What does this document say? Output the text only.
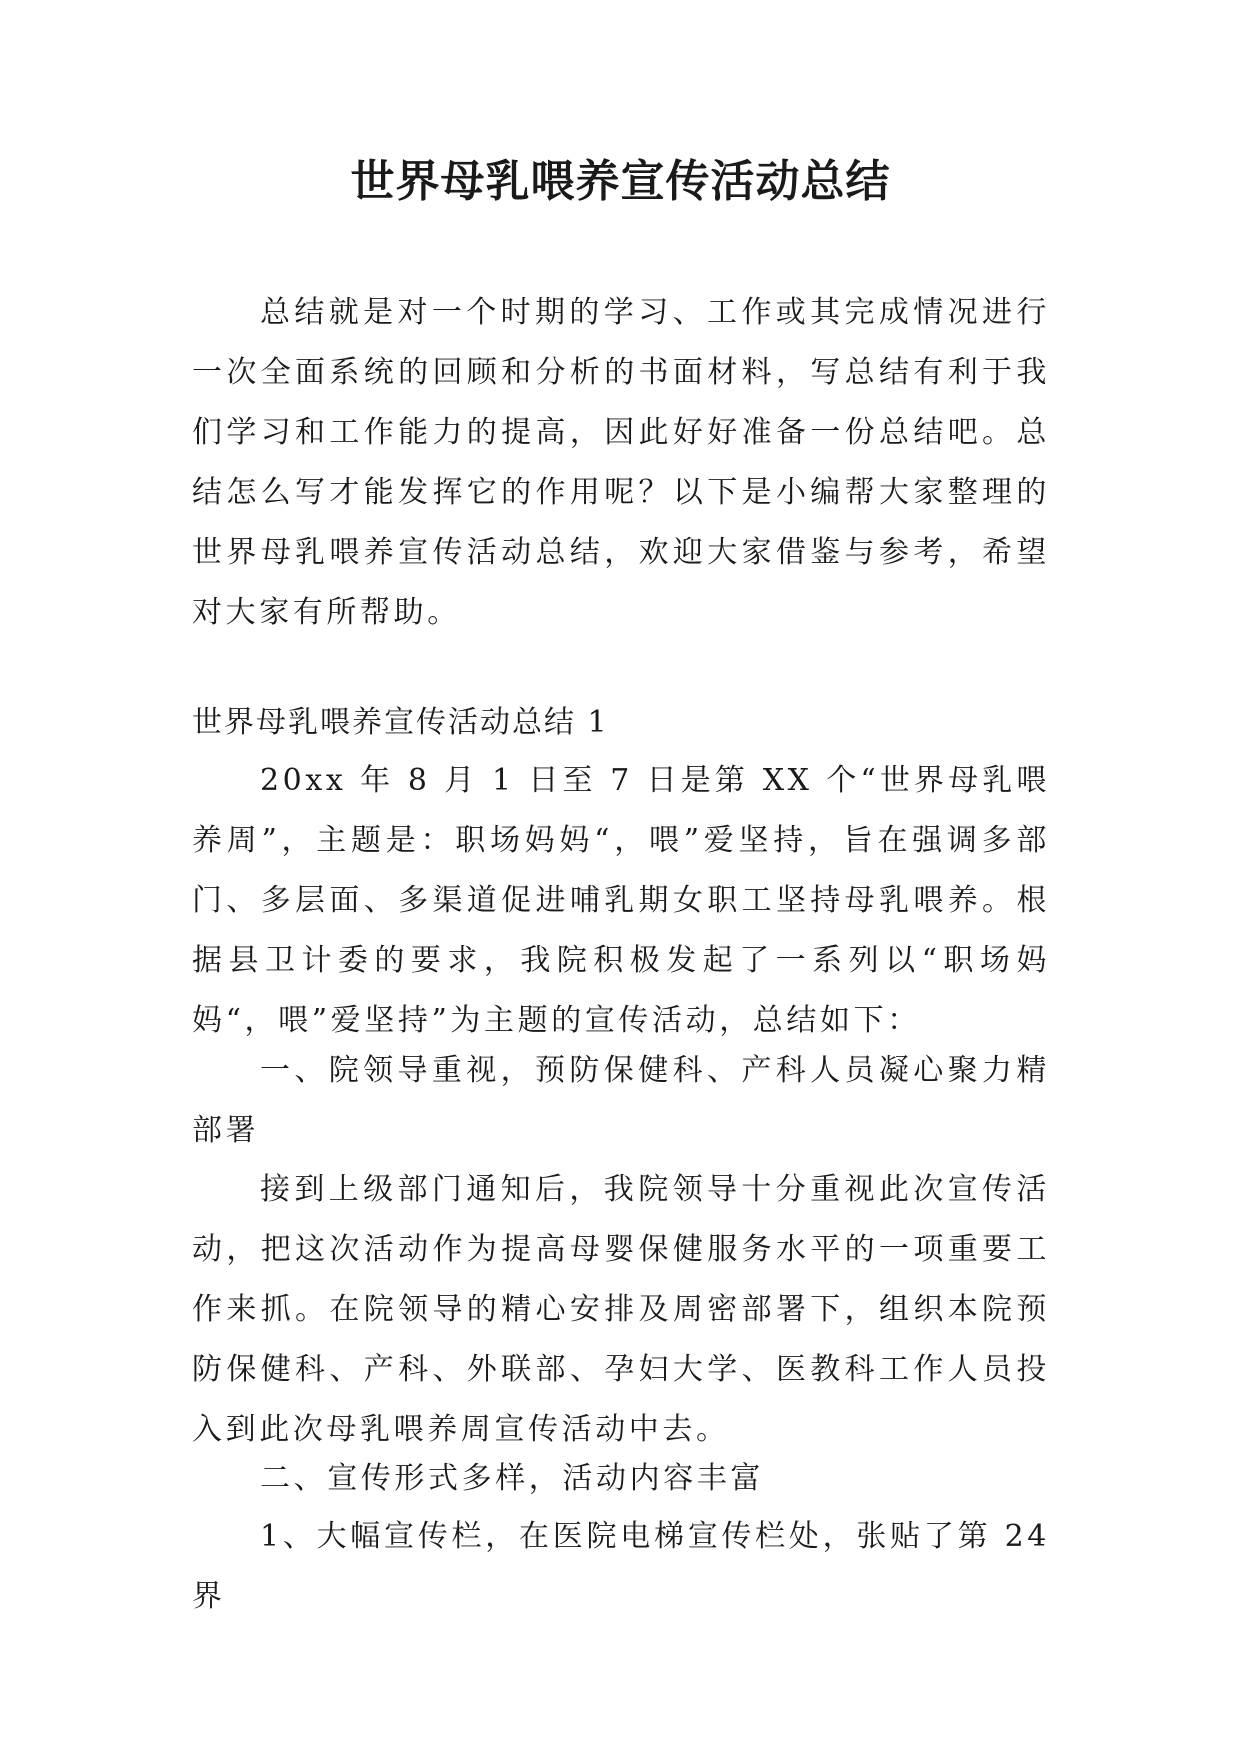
世界母乳喂养宣传活动总结

总结就是对一个时期的学习、工作或其完成情况进行一次全面系统的回顾和分析的书面材料，写总结有利于我们学习和工作能力的提高，因此好好准备一份总结吧。总结怎么写才能发挥它的作用呢？以下是小编帮大家整理的世界母乳喂养宣传活动总结，欢迎大家借鉴与参考，希望对大家有所帮助。

世界母乳喂养宣传活动总结 1

20xx 年 8 月 1 日至 7 日是第 XX 个“世界母乳喂养周”，主题是：职场妈妈“，喂”爱坚持，旨在强调多部门、多层面、多渠道促进哺乳期女职工坚持母乳喂养。根据县卫计委的要求，我院积极发起了一系列以“职场妈妈“，喂”爱坚持”为主题的宣传活动，总结如下：

一、院领导重视，预防保健科、产科人员凝心聚力精部署

接到上级部门通知后，我院领导十分重视此次宣传活动，把这次活动作为提高母婴保健服务水平的一项重要工作来抓。在院领导的精心安排及周密部署下，组织本院预防保健科、产科、外联部、孕妇大学、医教科工作人员投入到此次母乳喂养周宣传活动中去。

二、宣传形式多样，活动内容丰富

1、大幅宣传栏，在医院电梯宣传栏处，张贴了第 24 界
